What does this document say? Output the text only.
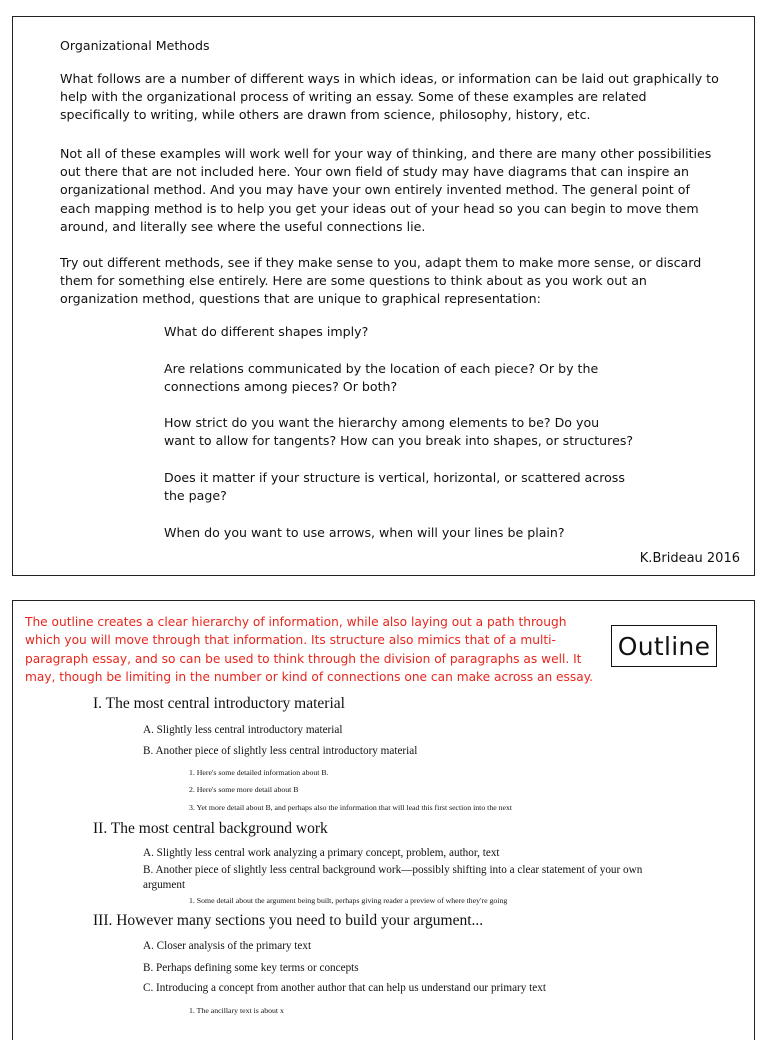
Organizational Methods

What follows are a number of different ways in which ideas, or information can be laid out graphically to help with the organizational process of writing an essay. Some of these examples are related specifically to writing, while others are drawn from science, philosophy, history, etc.

Not all of these examples will work well for your way of thinking, and there are many other possibilities out there that are not included here. Your own field of study may have diagrams that can inspire an organizational method. And you may have your own entirely invented method. The general point of each mapping method is to help you get your ideas out of your head so you can begin to move them around, and literally see where the useful connections lie.

Try out different methods, see if they make sense to you, adapt them to make more sense, or discard them for something else entirely. Here are some questions to think about as you work out an organization method, questions that are unique to graphical representation:

What do different shapes imply?

Are relations communicated by the location of each piece? Or by the connections among pieces? Or both?

How strict do you want the hierarchy among elements to be? Do you want to allow for tangents? How can you break into shapes, or structures?

Does it matter if your structure is vertical, horizontal, or scattered across the page?

When do you want to use arrows, when will your lines be plain?

K.Brideau 2016

The outline creates a clear hierarchy of information, while also laying out a path through which you will move through that information. Its structure also mimics that of a multi-paragraph essay, and so can be used to think through the division of paragraphs as well. It may, though be limiting in the number or kind of connections one can make across an essay.

Outline

I. The most central introductory material

A. Slightly less central introductory material

B. Another piece of slightly less central introductory material

1. Here's some detailed information about B.

2. Here's some more detail about B

3. Yet more detail about B, and perhaps also the information that will lead this first section into the next

II. The most central background work

A. Slightly less central work analyzing a primary concept, problem, author, text

B. Another piece of slightly less central background work—possibly shifting into a clear statement of your own argument

1. Some detail about the argument being built, perhaps giving reader a preview of where they're going

III. However many sections you need to build your argument...

A. Closer analysis of the primary text

B. Perhaps defining some key terms or concepts

C. Introducing a concept from another author that can help us understand our primary text

1. The ancillary text is about x
